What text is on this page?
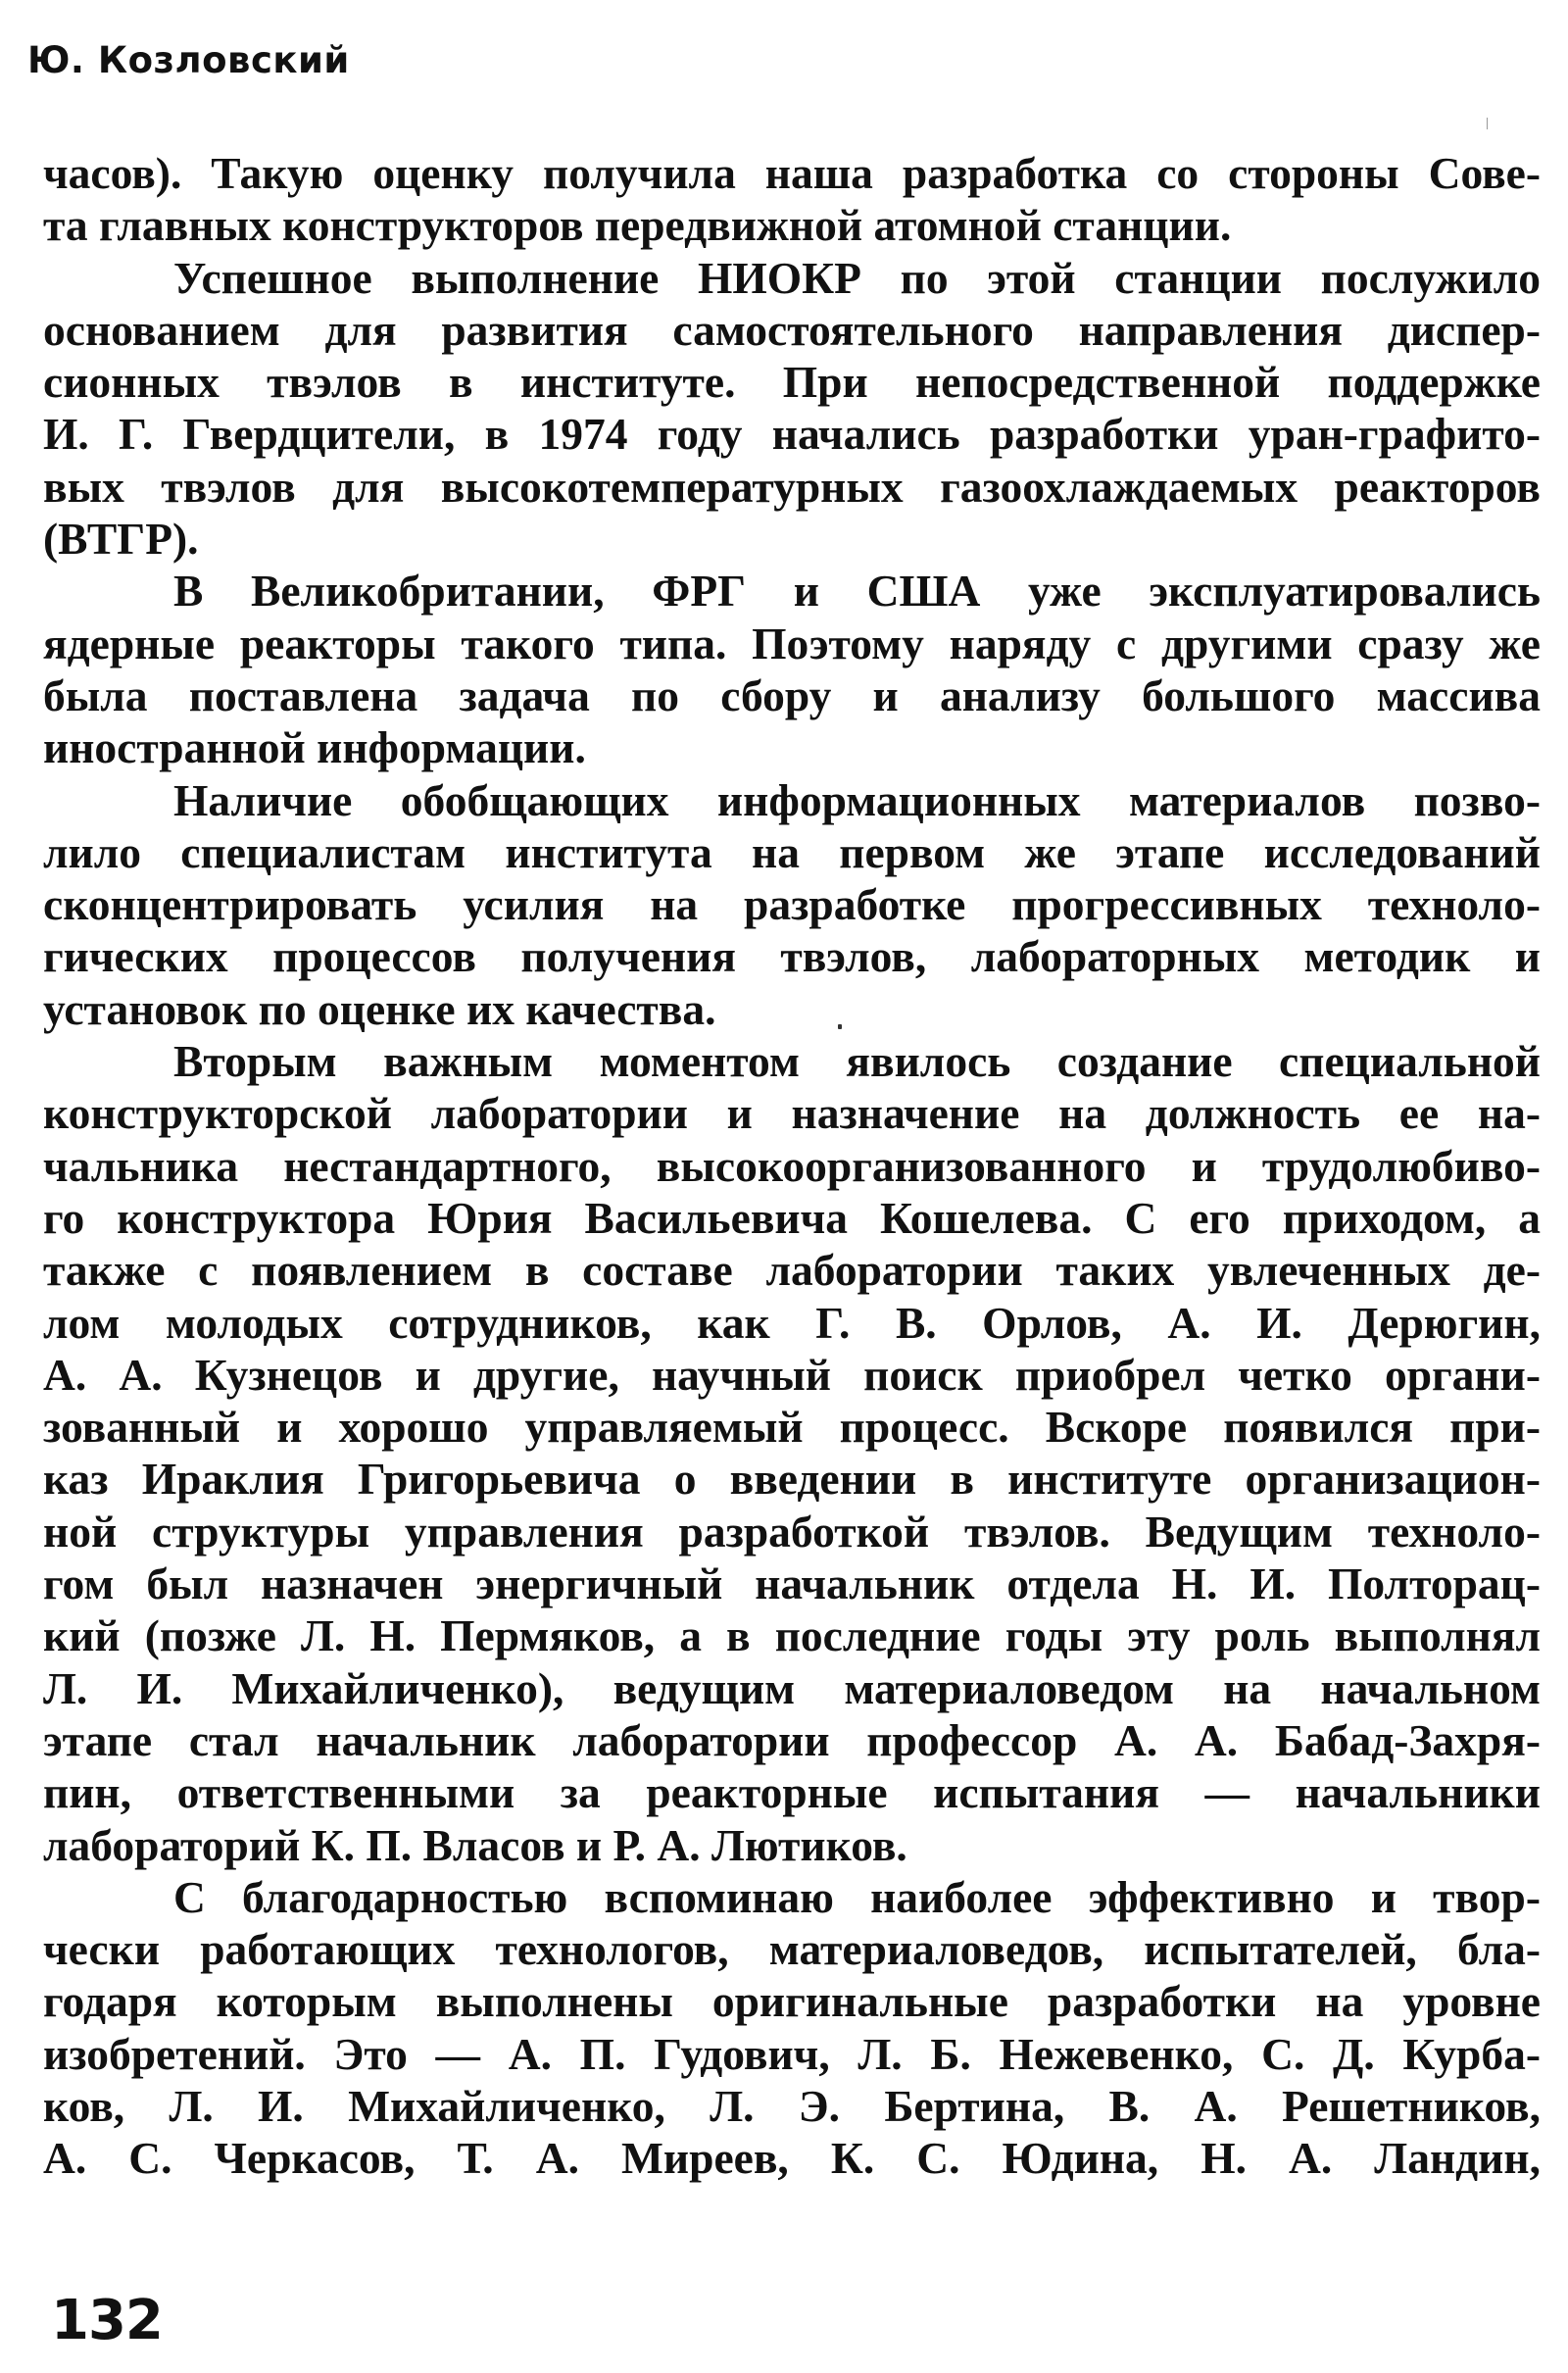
Ю. Козловский
часов). Такую оценку получила наша разработка со стороны Сове-
та главных конструкторов передвижной атомной станции.
Успешное выполнение НИОКР по этой станции послужило
основанием для развития самостоятельного направления диспер-
сионных твэлов в институте. При непосредственной поддержке
И. Г. Гвердцители, в 1974 году начались разработки уран-графито-
вых твэлов для высокотемпературных газоохлаждаемых реакторов
(ВТГР).
В Великобритании, ФРГ и США уже эксплуатировались
ядерные реакторы такого типа. Поэтому наряду с другими сразу же
была поставлена задача по сбору и анализу большого массива
иностранной информации.
Наличие обобщающих информационных материалов позво-
лило специалистам института на первом же этапе исследований
сконцентрировать усилия на разработке прогрессивных техноло-
гических процессов получения твэлов, лабораторных методик и
установок по оценке их качества.
Вторым важным моментом явилось создание специальной
конструкторской лаборатории и назначение на должность ее на-
чальника нестандартного, высокоорганизованного и трудолюбиво-
го конструктора Юрия Васильевича Кошелева. С его приходом, а
также с появлением в составе лаборатории таких увлеченных де-
лом молодых сотрудников, как Г. В. Орлов, А. И. Дерюгин,
А. А. Кузнецов и другие, научный поиск приобрел четко органи-
зованный и хорошо управляемый процесс. Вскоре появился при-
каз Ираклия Григорьевича о введении в институте организацион-
ной структуры управления разработкой твэлов. Ведущим техноло-
гом был назначен энергичный начальник отдела Н. И. Полторац-
кий (позже Л. Н. Пермяков, а в последние годы эту роль выполнял
Л. И. Михайличенко), ведущим материаловедом на начальном
этапе стал начальник лаборатории профессор А. А. Бабад-Захря-
пин, ответственными за реакторные испытания — начальники
лабораторий К. П. Власов и Р. А. Лютиков.
С благодарностью вспоминаю наиболее эффективно и твор-
чески работающих технологов, материаловедов, испытателей, бла-
годаря которым выполнены оригинальные разработки на уровне
изобретений. Это — А. П. Гудович, Л. Б. Нежевенко, С. Д. Курба-
ков, Л. И. Михайличенко, Л. Э. Бертина, В. А. Решетников,
А. С. Черкасов, Т. А. Миреев, К. С. Юдина, Н. А. Ландин,
132
